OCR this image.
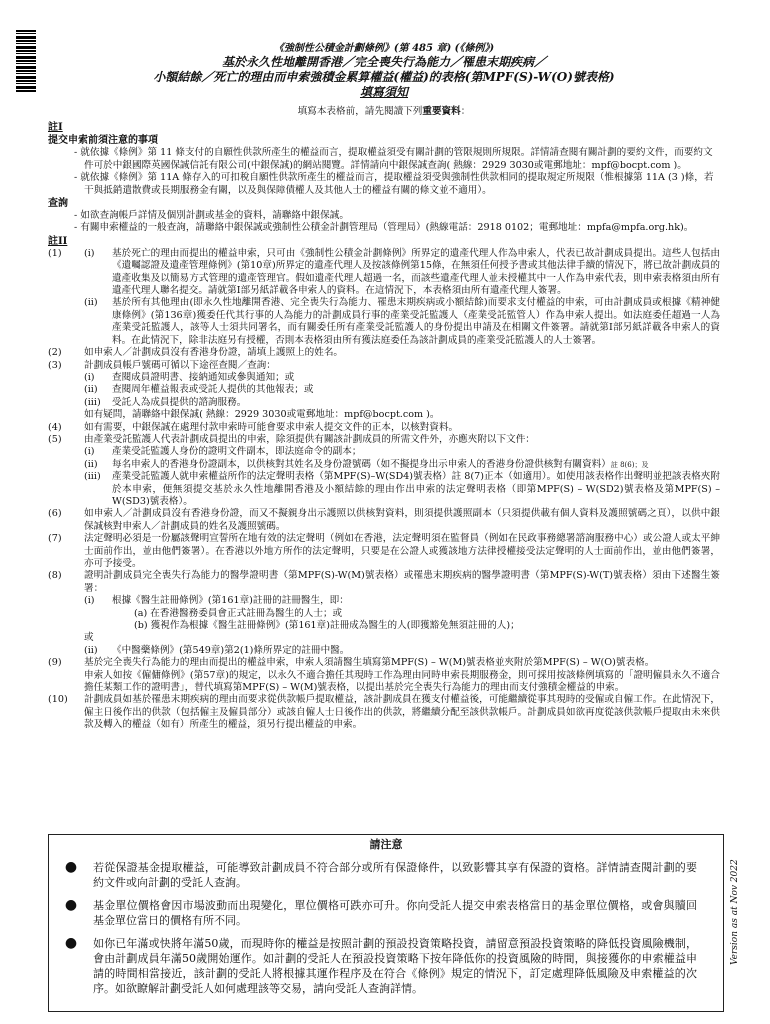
《強制性公積金計劃條例》(第 485 章) (《條例》)
基於永久性地離開香港／完全喪失行為能力／罹患末期疾病／
小額結餘／死亡的理由而申索強積金累算權益(權益)的表格(第MPF(S)-W(O)號表格)
填寫須知
填寫本表格前，請先閱讀下列重要資料：
註I
提交申索前須注意的事項
- 就依據《條例》第 11 條支付的自願性供款所產生的權益而言，提取權益須受有關計劃的管限規則所規限。詳情請查閱有關計劃的要約文件，而要約文件可於中銀國際英國保誠信託有限公司(中銀保誠)的網站閱覽。詳情請向中銀保誠查詢( 熱線：2929 3030或電郵地址：mpf@bocpt.com )。
- 就依據《條例》第 11A 條存入的可扣稅自願性供款所產生的權益而言，提取權益須受與強制性供款相同的提取規定所規限（惟根據第 11A (3 )條，若干與抵銷遣散費或長期服務金有關，以及與保障債權人及其他人士的權益有關的條文並不適用）。
查詢
- 如欲查詢帳戶詳情及個別計劃或基金的資料，請聯絡中銀保誠。
- 有關申索權益的一般查詢，請聯絡中銀保誠或強制性公積金計劃管理局（管理局）(熱線電話：2918 0102；電郵地址：mpfa@mpfa.org.hk)。
註II
(1)	(i)	基於死亡的理由而提出的權益申索，只可由《強制性公積金計劃條例》所界定的遺產代理人作為申索人，代表已故計劃成員提出。這些人包括由《遺囑認證及遺產管理條例》(第10章)所界定的遺產代理人及按該條例第15條，在無須任何授予書或其他法律手續的情況下，將已故計劃成員的遺產收集及以簡易方式管理的遺產管理官。假如遺產代理人超過一名，而該些遺產代理人並未授權其中一人作為申索代表，則申索表格須由所有遺產代理人聯名提交。請就第I部另紙詳載各申索人的資料。在這情況下，本表格須由所有遺產代理人簽署。
(ii)	基於所有其他理由(即永久性地離開香港、完全喪失行為能力、罹患末期疾病或小額結餘)而要求支付權益的申索，可由計劃成員或根據《精神健康條例》(第136章)獲委任代其行事的人為能力的計劃成員行事的產業受託監護人（產業受託監管人）作為申索人提出。如法庭委任超過一人為產業受託監護人，該等人士須共同署名，而有關委任所有產業受託監護人的身份提出申請及在相關文件簽署。請就第I部另紙詳載各申索人的資料。在此情況下，除非法庭另有授權，否則本表格須由所有獲法庭委任為該計劃成員的產業受託監護人的人士簽署。
(2)	如申索人／計劃成員沒有香港身份證，請填上護照上的姓名。
(3)	計劃成員帳戶號碼可循以下途徑查閱／查詢：
(i)	查閱成員證明書、接納通知或參與通知；或
(ii)	查閱周年權益報表或受託人提供的其他報表；或
(iii)	受託人為成員提供的諮詢服務。
如有疑問，請聯絡中銀保誠( 熱線：2929 3030或電郵地址：mpf@bocpt.com )。
(4)	如有需要，中銀保誠在處理付款申索時可能會要求申索人提交文件的正本，以核對資料。
(5)	由產業受託監護人代表計劃成員提出的申索，除須提供有關該計劃成員的所需文件外，亦應夾附以下文件：
(i)	產業受託監護人身份的證明文件副本，即法庭命令的副本；
(ii)	每名申索人的香港身份證副本，以供核對其姓名及身份證號碼（如不擬提身出示申索人的香港身份證供核對有關資料）註 8(6)；及
(iii)	產業受託監護人就申索權益所作的法定聲明表格（第MPF(S)–W(SD4)號表格）註 8(7)正本（如適用）。如使用該表格作出聲明並把該表格夾附於本申索，便無須提交基於永久性地離開香港及小額結餘的理由作出申索的法定聲明表格（即第MPF(S) – W(SD2)號表格及第MPF(S) – W(SD3)號表格）。
(6)	如申索人／計劃成員沒有香港身份證，而又不擬親身出示護照以供核對資料，則須提供護照副本（只須提供載有個人資料及護照號碼之頁），以供中銀保誠核對申索人／計劃成員的姓名及護照號碼。
(7)	法定聲明必須是一份屬該聲明宣誓所在地有效的法定聲明（例如在香港，法定聲明須在監督員（例如在民政事務總署諮詢服務中心）或公證人或太平紳士面前作出，並由他們簽署）。在香港以外地方所作的法定聲明，只要是在公證人或獲該地方法律授權接受法定聲明的人士面前作出，並由他們簽署，亦可予接受。
(8)	證明計劃成員完全喪失行為能力的醫學證明書（第MPF(S)-W(M)號表格）或罹患末期疾病的醫學證明書（第MPF(S)-W(T)號表格）須由下述醫生簽署：
(i)	根據《醫生註冊條例》(第161章)註冊的註冊醫生，即：
(a) 在香港醫務委員會正式註冊為醫生的人士；或
(b) 獲視作為根據《醫生註冊條例》(第161章)註冊成為醫生的人(即獲豁免無須註冊的人)；
或
(ii)	《中醫藥條例》(第549章)第2(1)條所界定的註冊中醫。
(9)	基於完全喪失行為能力的理由而提出的權益申索，申索人須請醫生填寫第MPF(S) – W(M)號表格並夾附於第MPF(S) – W(O)號表格。
申索人如按《僱傭條例》(第57章)的規定，以永久不適合擔任其現時工作為理由同時申索長期服務金，則可採用按該條例填寫的「證明僱員永久不適合擔任某類工作的證明書」，替代填寫第MPF(S) – W(M)號表格，以提出基於完全喪失行為能力的理由而支付強積金權益的申索。
(10)	計劃成員如基於罹患末期疾病的理由而要求從供款帳戶提取權益，該計劃成員在獲支付權益後，可能繼續從事其現時的受僱或自僱工作。在此情況下，僱主日後作出的供款（包括僱主及僱員部分）或該自僱人士日後作出的供款，將繼續分配至該供款帳戶。計劃成員如欲再度從該供款帳戶提取由未來供款及轉入的權益（如有）所產生的權益，須另行提出權益的申索。
請注意
●	若從保證基金提取權益，可能導致計劃成員不符合部分或所有保證條件，以致影響其享有保證的資格。詳情請查閱計劃的要約文件或向計劃的受託人查詢。
●	基金單位價格會因市場波動而出現變化，單位價格可跌亦可升。你向受託人提交申索表格當日的基金單位價格，或會與贖回基金單位當日的價格有所不同。
●	如你已年滿或快將年滿50歲，而現時你的權益是按照計劃的預設投資策略投資，請留意預設投資策略的降低投資風險機制，會由計劃成員年滿50歲開始運作。如計劃的受託人在預設投資策略下按年降低你的投資風險的時間，與接獲你的申索權益申請的時間相當接近，該計劃的受託人將根據其運作程序及在符合《條例》規定的情況下，訂定處理降低風險及申索權益的次序。如欲瞭解計劃受託人如何處理該等交易，請向受託人查詢詳情。
Version as at Nov 2022
